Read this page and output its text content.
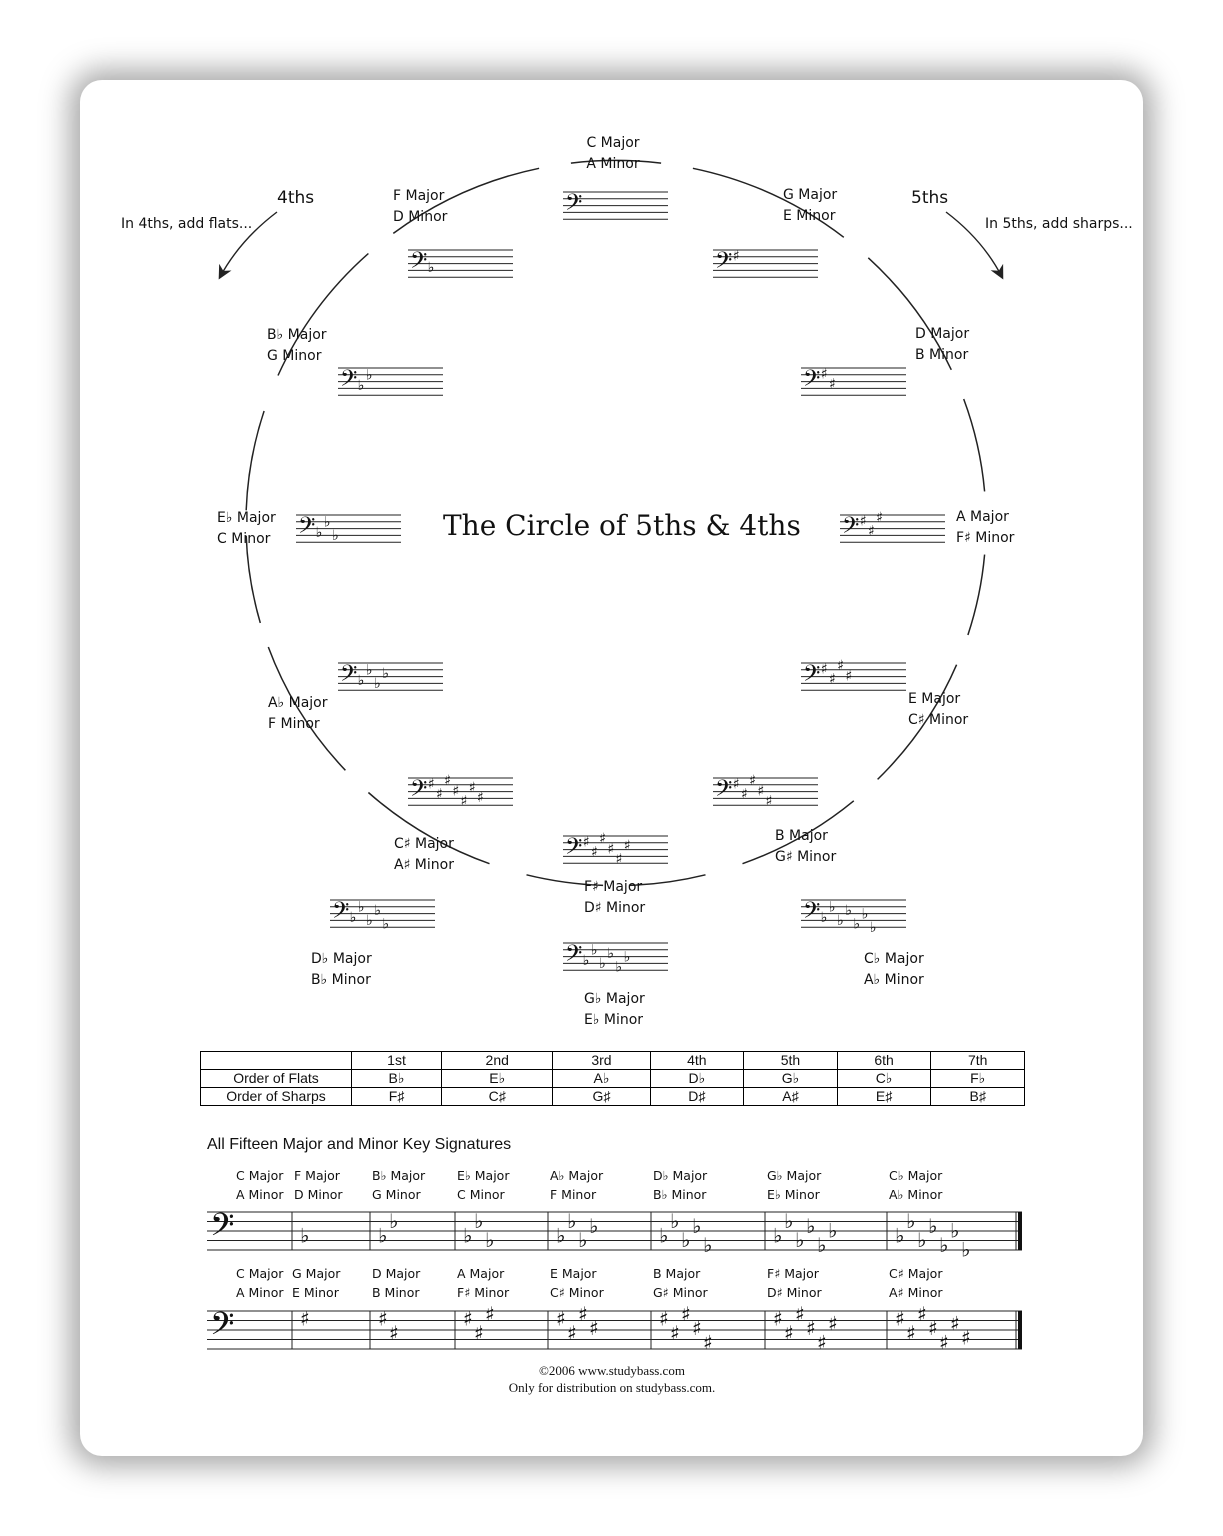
𝄢
𝄢 ♯
𝄢 ♯
♯
𝄢 ♯
♯
♯
𝄢 ♯
♯
♯
♯
𝄢 ♯
♯
♯
♯
♯
𝄢 ♯
♯
♯
♯
♯
♯
𝄢 ♯
♯
♯
♯
♯
♯
♯
𝄢 ♭
♭
♭
♭
𝄢 ♭
♭
♭
𝄢 ♭
♭
𝄢 ♭
𝄢 ♭
♭
♭
♭
♭
𝄢 ♭
♭
♭
♭
♭
♭
𝄢 ♭
♭
♭
♭
♭
♭
♭
𝄢	♭	♭
♭
♭
♭
♭	♭
♭
♭
♭	♭
♭
♭
♭
♭	♭
♭
♭
♭
♭
♭	♭
♭
♭
♭
♭
♭
♭
𝄢	♯	♯
♯
♯
♯
♯	♯
♯
♯
♯	♯
♯
♯
♯
♯
♯
♯
♯
♯
♯
♯	♯
♯
♯
♯
♯
♯
♯
The Circle of 5ths & 4ths
4ths
In 4ths, add flats...
5ths
In 5ths, add sharps...
C Major
A Minor
G Major
E Minor
D Major
B Minor
A Major
F♯ Minor
E Major
C♯ Minor
B Major
G♯ Minor
F♯ Major
D♯ Minor
C♯ Major
A♯ Minor
A♭ Major
F Minor
E♭ Major
C Minor
B♭ Major
G Minor
F Major
D Minor
D♭ Major
B♭ Minor
G♭ Major
E♭ Minor
C♭ Major
A♭ Minor
	1st	2nd	3rd	4th	5th	6th	7th
Order of Flats	B♭	E♭	A♭	D♭	G♭	C♭	F♭
Order of Sharps	F♯	C♯	G♯	D♯	A♯	E♯	B♯
All Fifteen Major and Minor Key Signatures
C Major
A Minor
F Major
D Minor
B♭ Major
G Minor
E♭ Major
C Minor
A♭ Major
F Minor
D♭ Major
B♭ Minor
G♭ Major
E♭ Minor
C♭ Major
A♭ Minor
C Major
A Minor
G Major
E Minor
D Major
B Minor
A Major
F♯ Minor
E Major
C♯ Minor
B Major
G♯ Minor
F♯ Major
D♯ Minor
C♯ Major
A♯ Minor
©2006 www.studybass.com
Only for distribution on studybass.com.
